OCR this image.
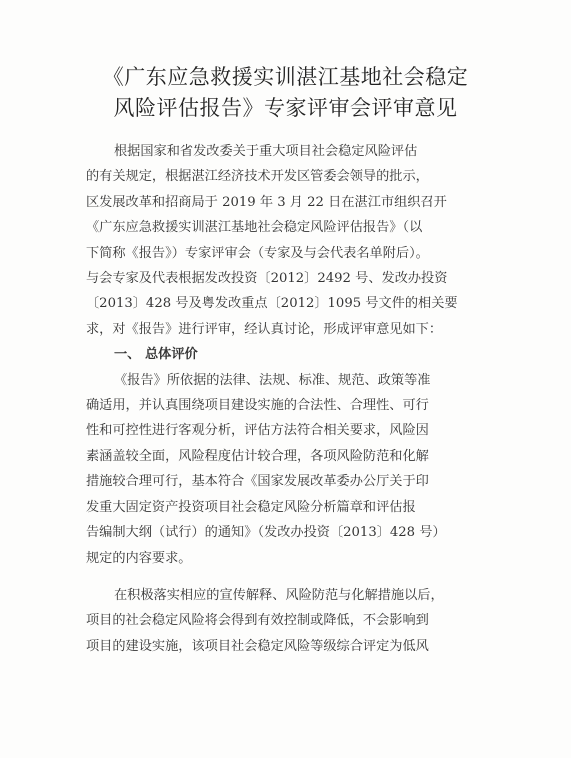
《广东应急救援实训湛江基地社会稳定
风险评估报告》专家评审会评审意见

根据国家和省发改委关于重大项目社会稳定风险评估

的有关规定，根据湛江经济技术开发区管委会领导的批示，

区发展改革和招商局于 2019 年 3 月 22 日在湛江市组织召开

《广东应急救援实训湛江基地社会稳定风险评估报告》（以

下简称《报告》）专家评审会（专家及与会代表名单附后）。

与会专家及代表根据发改投资〔2012〕2492 号、发改办投资

〔2013〕428 号及粤发改重点〔2012〕1095 号文件的相关要

求，对《报告》进行评审，经认真讨论，形成评审意见如下：

一、 总体评价

《报告》所依据的法律、法规、标准、规范、政策等准

确适用，并认真围绕项目建设实施的合法性、合理性、可行

性和可控性进行客观分析，评估方法符合相关要求，风险因

素涵盖较全面，风险程度估计较合理，各项风险防范和化解

措施较合理可行，基本符合《国家发展改革委办公厅关于印

发重大固定资产投资项目社会稳定风险分析篇章和评估报

告编制大纲（试行）的通知》（发改办投资〔2013〕428 号）

规定的内容要求。

在积极落实相应的宣传解释、风险防范与化解措施以后，

项目的社会稳定风险将会得到有效控制或降低，不会影响到

项目的建设实施，该项目社会稳定风险等级综合评定为低风
